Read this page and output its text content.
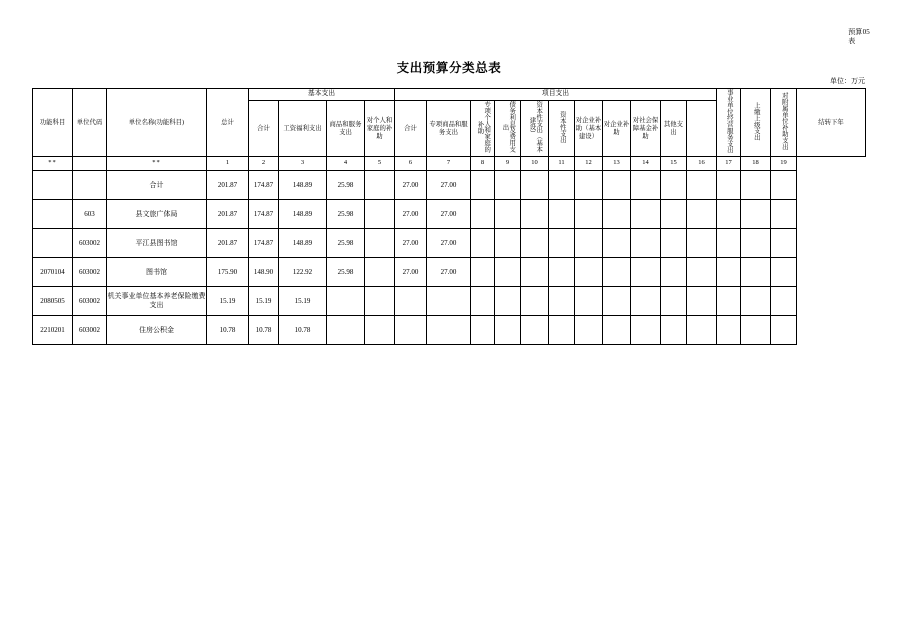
预算05
表
支出预算分类总表
单位：万元
功能科目	单位代码	单位名称(功能科目)	总计	基本支出				项目支出											事业单位经营服务支出	上缴上级支出	对附属单位补助支出	结转下年
				合计	工资福利支出	商品和服务支出	对个人和家庭的补助	合计	专项商品和服务支出	专项个人和家庭的补助	债务利息及费用支出	资本性支出（基本建设）	资本性支出	对企业补助（基本建设）	对企业补助	对社会保障基金补助	其他支出					
**		**	1	2	3	4	5	6	7	8	9	10	11	12	13	14	15	16	17	18	19	
		合计	201.87	174.87	148.89	25.98		27.00	27.00													
	603	县文旅广体局	201.87	174.87	148.89	25.98		27.00	27.00													
	603002	平江县图书馆	201.87	174.87	148.89	25.98		27.00	27.00													
2070104	603002	图书馆	175.90	148.90	122.92	25.98		27.00	27.00													
2080505	603002	机关事业单位基本养老保险缴费支出	15.19	15.19	15.19																	
2210201	603002	住房公积金	10.78	10.78	10.78																	
